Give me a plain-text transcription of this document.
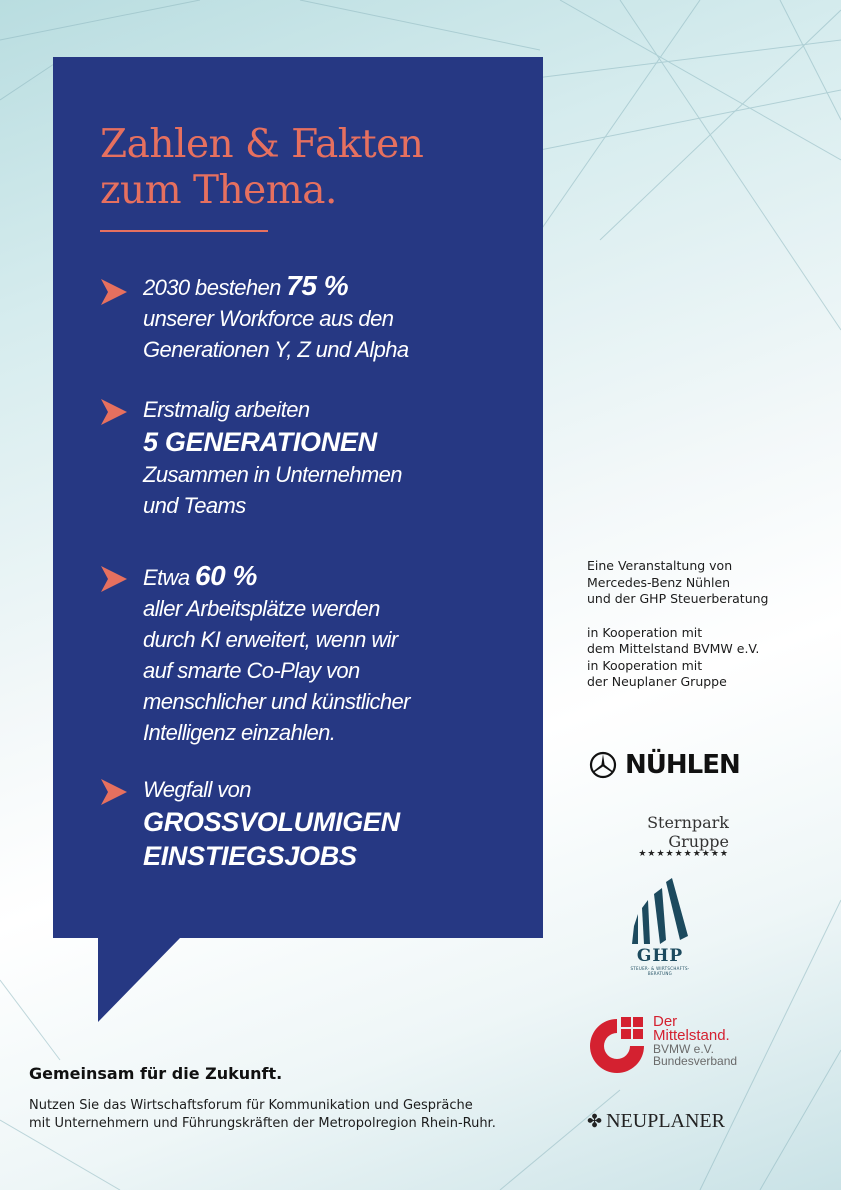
Zahlen & Fakten
zum Thema.
2030 bestehen 75 %
unserer Workforce aus den
Generationen Y, Z und Alpha
Erstmalig arbeiten
5 GENERATIONEN
Zusammen in Unternehmen
und Teams
Etwa 60 %
aller Arbeitsplätze werden
durch KI erweitert, wenn wir
auf smarte Co-Play von
menschlicher und künstlicher
Intelligenz einzahlen.
Wegfall von
GROSSVOLUMIGEN
EINSTIEGSJOBS
Eine Veranstaltung von
Mercedes-Benz Nühlen
und der GHP Steuerberatung
in Kooperation mit
dem Mittelstand BVMW e.V.
in Kooperation mit
der Neuplaner Gruppe
NÜHLEN
Sternpark Gruppe
★★★★★★★★★★
GHP
STEUER- & WIRTSCHAFTS-
BERATUNG
Der
Mittelstand.
BVMW e.V.
Bundesverband
✤ NEUPLANER
Gemeinsam für die Zukunft.
Nutzen Sie das Wirtschaftsforum für Kommunikation und Gespräche
mit Unternehmern und Führungskräften der Metropolregion Rhein-Ruhr.
